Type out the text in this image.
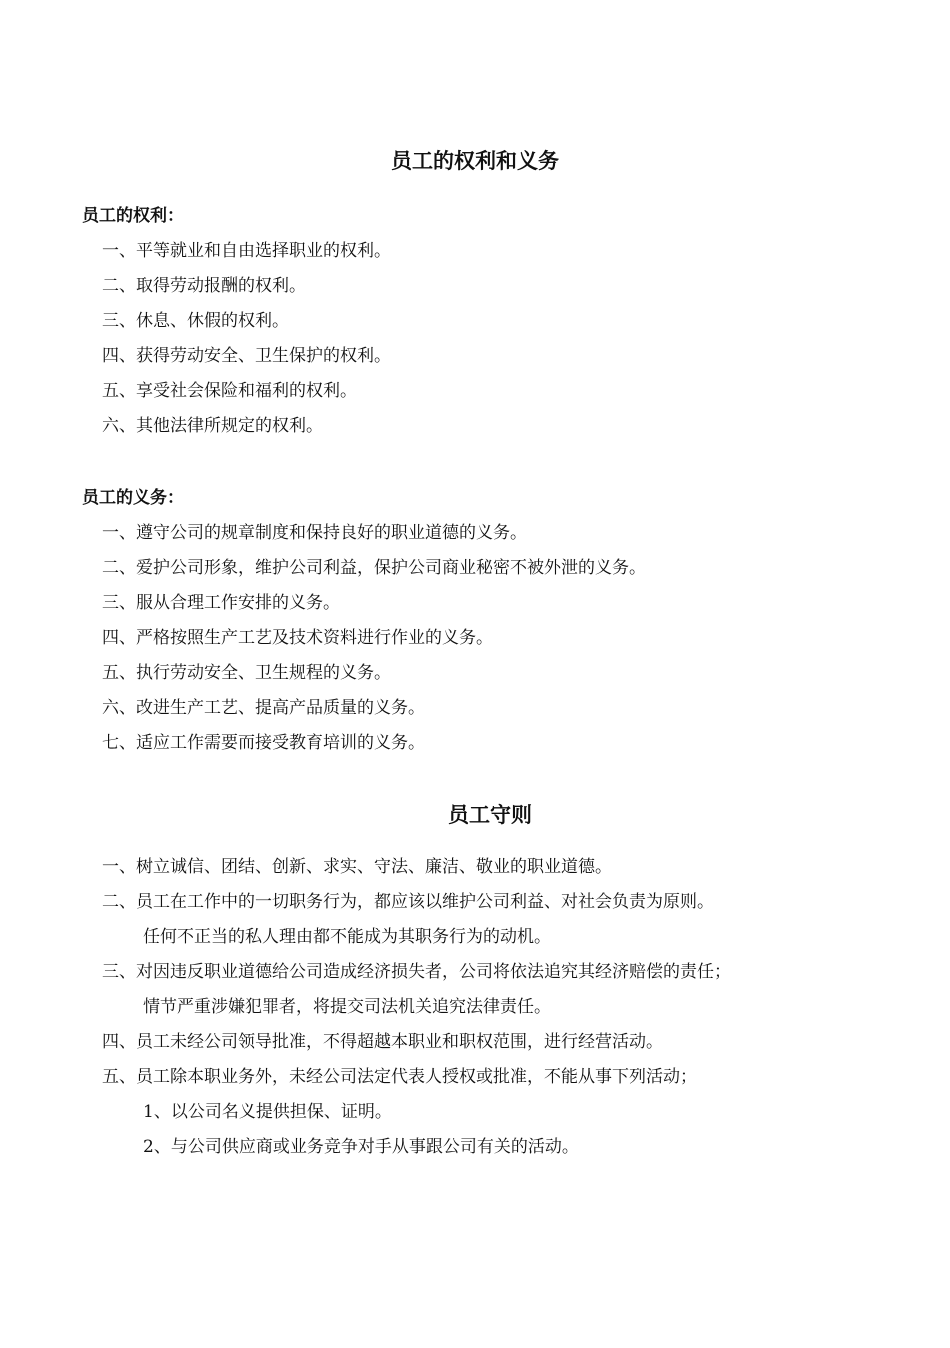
员工的权利和义务
员工的权利：
一、平等就业和自由选择职业的权利。
二、取得劳动报酬的权利。
三、休息、休假的权利。
四、获得劳动安全、卫生保护的权利。
五、享受社会保险和福利的权利。
六、其他法律所规定的权利。
员工的义务：
一、遵守公司的规章制度和保持良好的职业道德的义务。
二、爱护公司形象，维护公司利益，保护公司商业秘密不被外泄的义务。
三、服从合理工作安排的义务。
四、严格按照生产工艺及技术资料进行作业的义务。
五、执行劳动安全、卫生规程的义务。
六、改进生产工艺、提高产品质量的义务。
七、适应工作需要而接受教育培训的义务。
员工守则
一、树立诚信、团结、创新、求实、守法、廉洁、敬业的职业道德。
二、员工在工作中的一切职务行为，都应该以维护公司利益、对社会负责为原则。
任何不正当的私人理由都不能成为其职务行为的动机。
三、对因违反职业道德给公司造成经济损失者，公司将依法追究其经济赔偿的责任；
情节严重涉嫌犯罪者，将提交司法机关追究法律责任。
四、员工未经公司领导批准，不得超越本职业和职权范围，进行经营活动。
五、员工除本职业务外，未经公司法定代表人授权或批准，不能从事下列活动；
1、以公司名义提供担保、证明。
2、与公司供应商或业务竞争对手从事跟公司有关的活动。
